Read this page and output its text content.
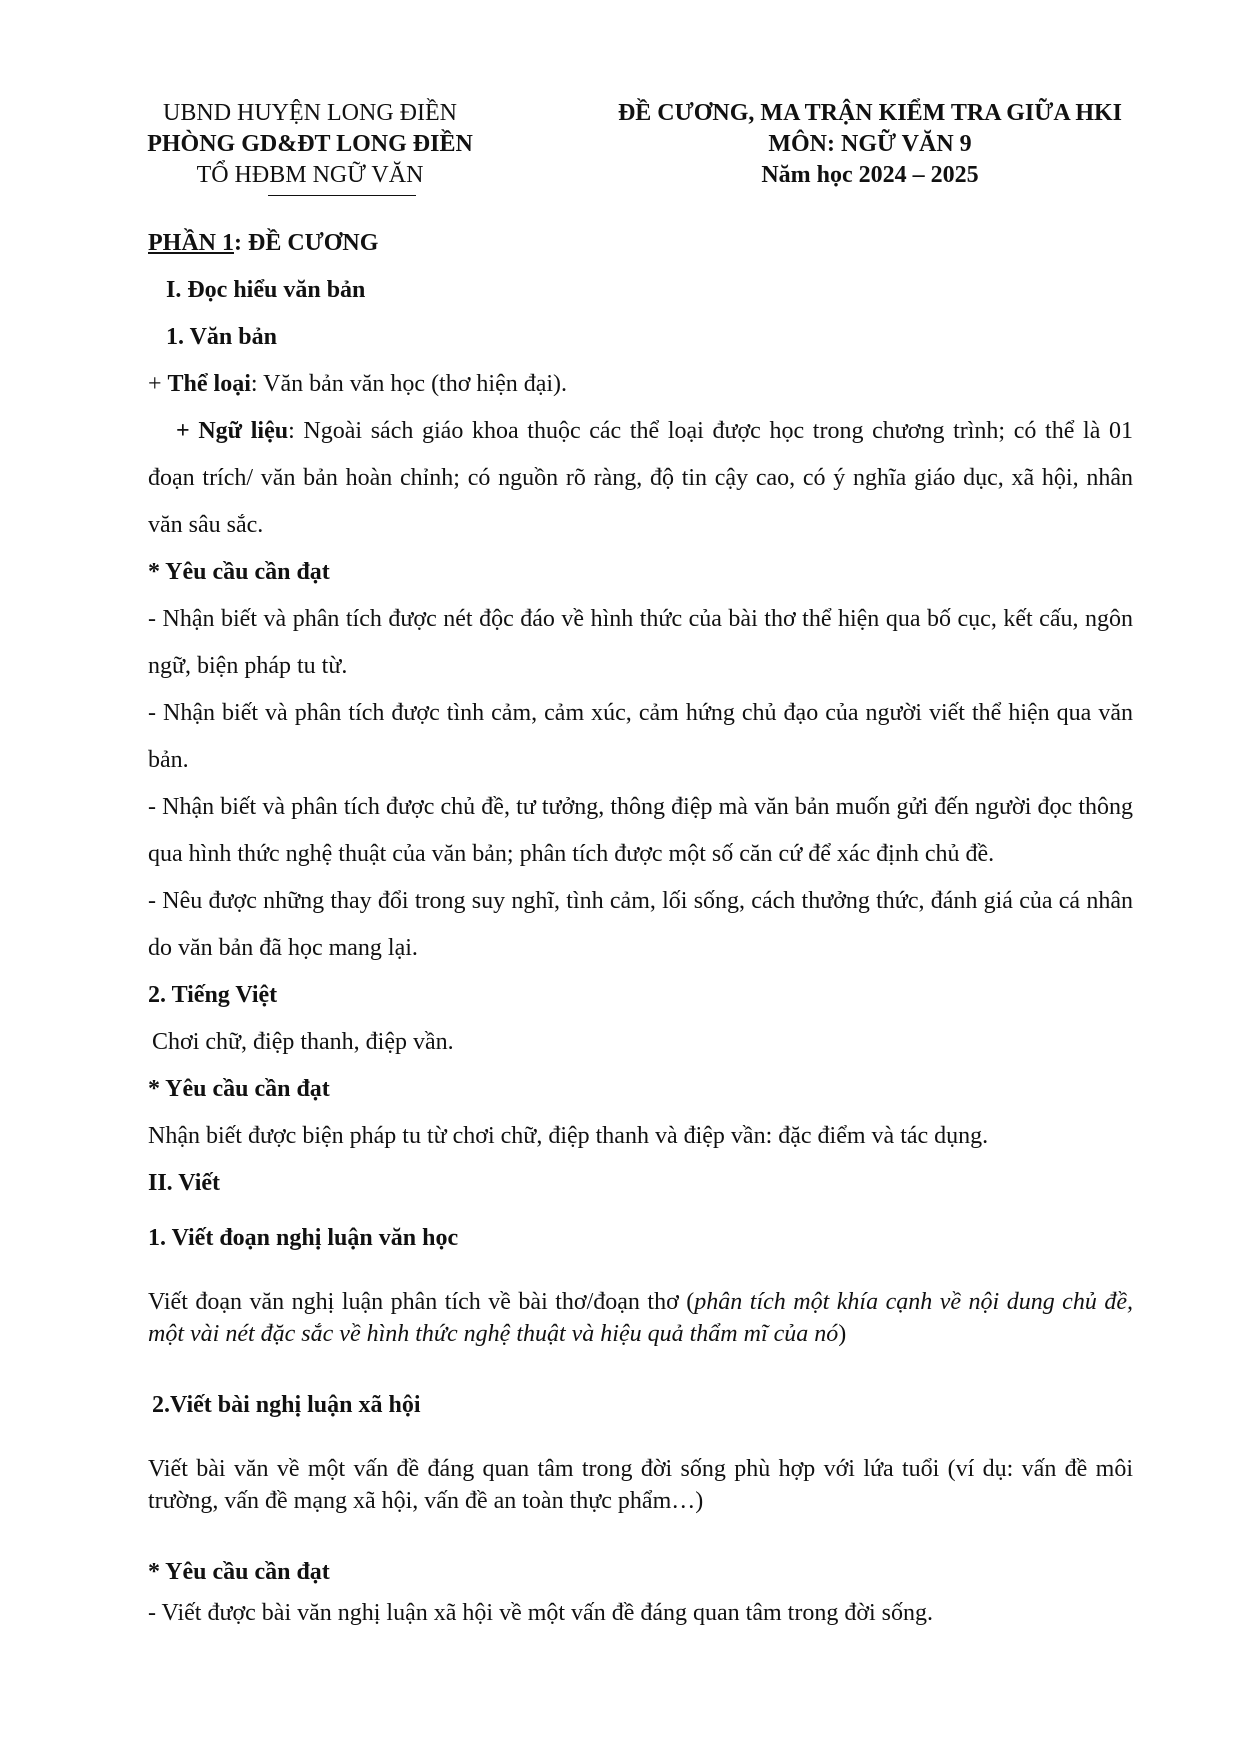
UBND HUYỆN LONG ĐIỀN
PHÒNG GD&ĐT LONG ĐIỀN
TỔ HĐBM NGỮ VĂN
ĐỀ CƯƠNG, MA TRẬN KIỂM TRA GIỮA HKI
MÔN: NGỮ VĂN 9
Năm học 2024 – 2025

PHẦN 1: ĐỀ CƯƠNG

I. Đọc hiểu văn bản

1. Văn bản

+ Thể loại: Văn bản văn học (thơ hiện đại).

+ Ngữ liệu: Ngoài sách giáo khoa thuộc các thể loại được học trong chương trình; có thể là 01 đoạn trích/ văn bản hoàn chỉnh; có nguồn rõ ràng, độ tin cậy cao, có ý nghĩa giáo dục, xã hội, nhân văn sâu sắc.

* Yêu cầu cần đạt

- Nhận biết và phân tích được nét độc đáo về hình thức của bài thơ thể hiện qua bố cục, kết cấu, ngôn ngữ, biện pháp tu từ.

- Nhận biết và phân tích được tình cảm, cảm xúc, cảm hứng chủ đạo của người viết thể hiện qua văn bản.

- Nhận biết và phân tích được chủ đề, tư tưởng, thông điệp mà văn bản muốn gửi đến người đọc thông qua hình thức nghệ thuật của văn bản; phân tích được một số căn cứ để xác định chủ đề.

- Nêu được những thay đổi trong suy nghĩ, tình cảm, lối sống, cách thưởng thức, đánh giá của cá nhân do văn bản đã học mang lại.

2. Tiếng Việt

Chơi chữ, điệp thanh, điệp vần.

* Yêu cầu cần đạt

Nhận biết được biện pháp tu từ chơi chữ, điệp thanh và điệp vần: đặc điểm và tác dụng.

II. Viết

1. Viết đoạn nghị luận văn học

Viết đoạn văn nghị luận phân tích về bài thơ/đoạn thơ (phân tích một khía cạnh về nội dung chủ đề, một vài nét đặc sắc về hình thức nghệ thuật và hiệu quả thẩm mĩ của nó)

2.Viết bài nghị luận xã hội

Viết bài văn về một vấn đề đáng quan tâm trong đời sống phù hợp với lứa tuổi (ví dụ: vấn đề môi trường, vấn đề mạng xã hội, vấn đề an toàn thực phẩm…)

* Yêu cầu cần đạt

- Viết được bài văn nghị luận xã hội về một vấn đề đáng quan tâm trong đời sống.
